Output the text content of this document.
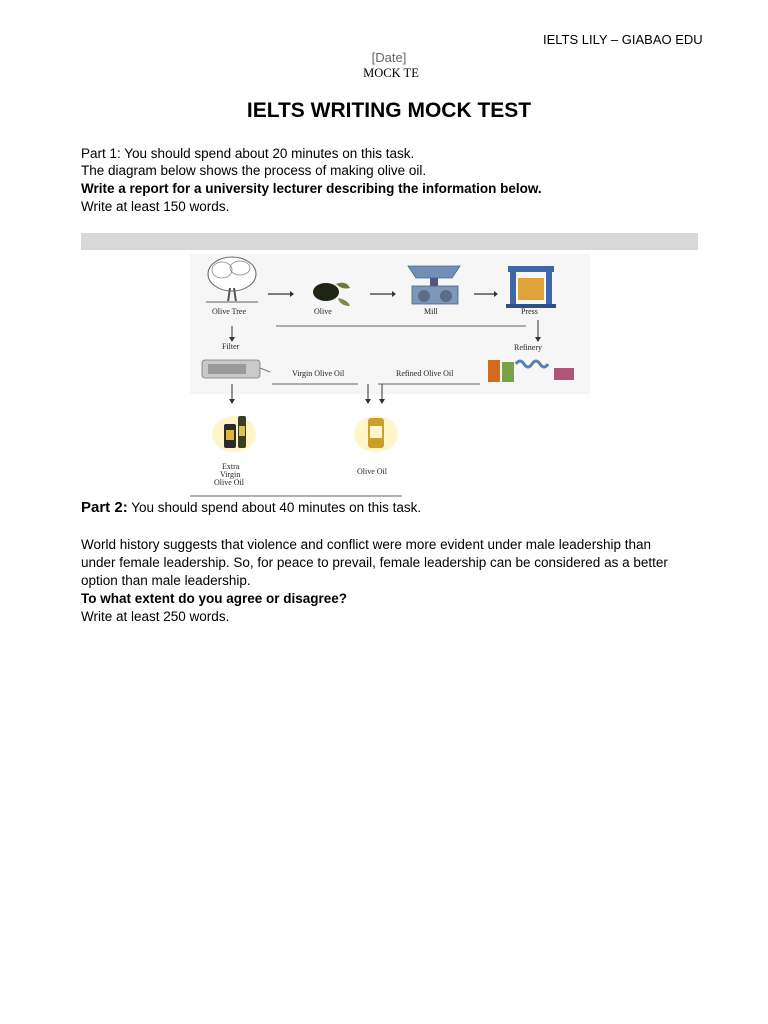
IELTS LILY – GIABAO EDU
[Date]
MOCK TE
IELTS WRITING MOCK TEST
Part 1: You should spend about 20 minutes on this task.
The diagram below shows the process of making olive oil.
Write a report for a university lecturer describing the information below.
Write at least 150 words.
Olive Tree	Olive	Mill	Press
Filter	Refinery
Virgin Olive Oil	Refined Olive Oil
Extra
Virgin
Olive Oil
Olive Oil
Part 2: You should spend about 40 minutes on this task.
World history suggests that violence and conflict were more evident under male leadership than
under female leadership. So, for peace to prevail, female leadership can be considered as a better
option than male leadership.
To what extent do you agree or disagree?
Write at least 250 words.
